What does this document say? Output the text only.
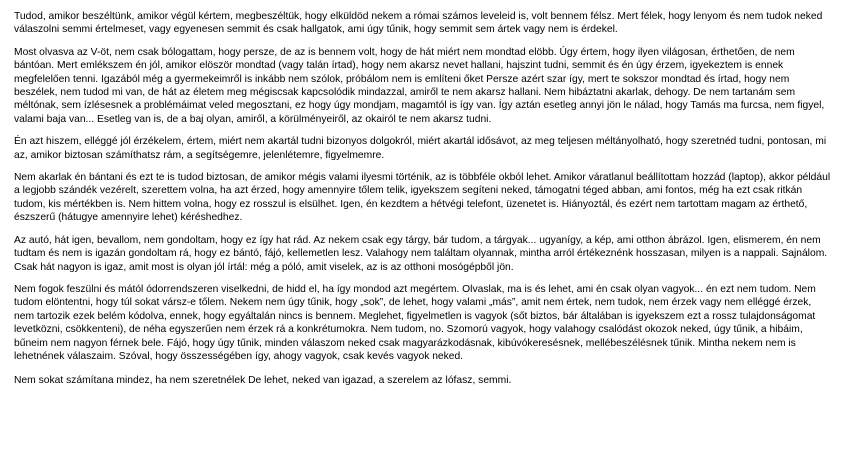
Tudod, amikor beszéltünk, amikor végül kértem, megbeszéltük, hogy elküldöd nekem a római számos leveleid is, volt bennem félsz. Mert félek, hogy lenyom és nem tudok neked válaszolni semmi értelmeset, vagy egyenesen semmit és csak hallgatok, ami úgy tűnik, hogy semmit sem ártek vagy nem is érdekel.

Most olvasva az V-öt, nem csak bólogattam, hogy persze, de az is bennem volt, hogy de hát miért nem mondtad elöbb. Úgy értem, hogy ilyen világosan, érthetően, de nem bántóan. Mert emlékszem én jól, amikor elöször mondtad (vagy talán írtad), hogy nem akarsz nevet hallani, hajszint tudni, semmit és én úgy érzem, igyekeztem is ennek megfelelően tenni. Igazából még a gyermekeimről is inkább nem szólok, próbálom nem is említeni őket Persze azért szar így, mert te sokszor mondtad és írtad, hogy nem beszélek, nem tudod mi van, de hát az életem meg mégiscsak kapcsolódik mindazzal, amiről te nem akarsz hallani. Nem hibáztatni akarlak, dehogy. De nem tartanám sem méltónak, sem ízlésesnek a problémáimat veled megosztani, ez hogy úgy mondjam, magamtól is így van. Így aztán esetleg annyi jön le nálad, hogy Tamás ma furcsa, nem figyel, valami baja van... Esetleg van is, de a baj olyan, amiről, a körülményeiről, az okairól te nem akarsz tudni.

Én azt hiszem, elléggé jól érzékelem, értem, miért nem akartál tudni bizonyos dolgokról, miért akartál idősávot, az meg teljesen méltányolható, hogy szeretnéd tudni, pontosan, mi az, amikor biztosan számíthatsz rám, a segítségemre, jelenlétemre, figyelmemre.

Nem akarlak én bántani és ezt te is tudod biztosan, de amikor mégis valami ilyesmi történik, az is többféle okból lehet. Amikor váratlanul beállítottam hozzád (laptop), akkor például a legjobb szándék vezérelt, szerettem volna, ha azt érzed, hogy amennyire tőlem telik, igyekszem segíteni neked, támogatni téged abban, ami fontos, még ha ezt csak ritkán tudom, kis mértékben is. Nem hittem volna, hogy ez rosszul is elsülhet. Igen, én kezdtem a hétvégi telefont, üzenetet is. Hiányoztál, és ezért nem tartottam magam az érthető, észszerű (hátugye amennyire lehet) kéréshedhez.

Az autó, hát igen, bevallom, nem gondoltam, hogy ez így hat rád. Az nekem csak egy tárgy, bár tudom, a tárgyak... ugyanígy, a kép, ami otthon ábrázol. Igen, elismerem, én nem tudtam és nem is igazán gondoltam rá, hogy ez bántó, fájó, kellemetlen lesz. Valahogy nem találtam olyannak, mintha arról értékeznénk hosszasan, milyen is a nappali. Sajnálom. Csak hát nagyon is igaz, amit most is olyan jól írtál: még a póló, amit viselek, az is az otthoni mosógépből jön.

Nem fogok feszülni és mától ódorrendszeren viselkedni, de hidd el, ha így mondod azt megértem. Olvaslak, ma is és lehet, ami én csak olyan vagyok... én ezt nem tudom. Nem tudom elöntentni, hogy túl sokat vársz-e tőlem. Nekem nem úgy tűnik, hogy „sok”, de lehet, hogy valami „más”, amit nem értek, nem tudok, nem érzek vagy nem elléggé érzek, nem tartozik ezek belém kódolva, ennek, hogy egyáltalán nincs is bennem. Meglehet, figyelmetlen is vagyok (sőt biztos, bár általában is igyekszem ezt a rossz tulajdonságomat levetközni, csökkenteni), de néha egyszerűen nem érzek rá a konkrétumokra. Nem tudom, no. Szomorú vagyok, hogy valahogy csalódást okozok neked, úgy tűnik, a hibáim, bűneim nem nagyon férnek bele. Fájó, hogy úgy tűnik, minden válaszom neked csak magyarázkodásnak, kibúvókeresésnek, mellébeszélésnek tűnik. Mintha nekem nem is lehetnének válaszaim. Szóval, hogy összességében így, ahogy vagyok, csak kevés vagyok neked.

Nem sokat számítana mindez, ha nem szeretnélek De lehet, neked van igazad, a szerelem az lófasz, semmi.
